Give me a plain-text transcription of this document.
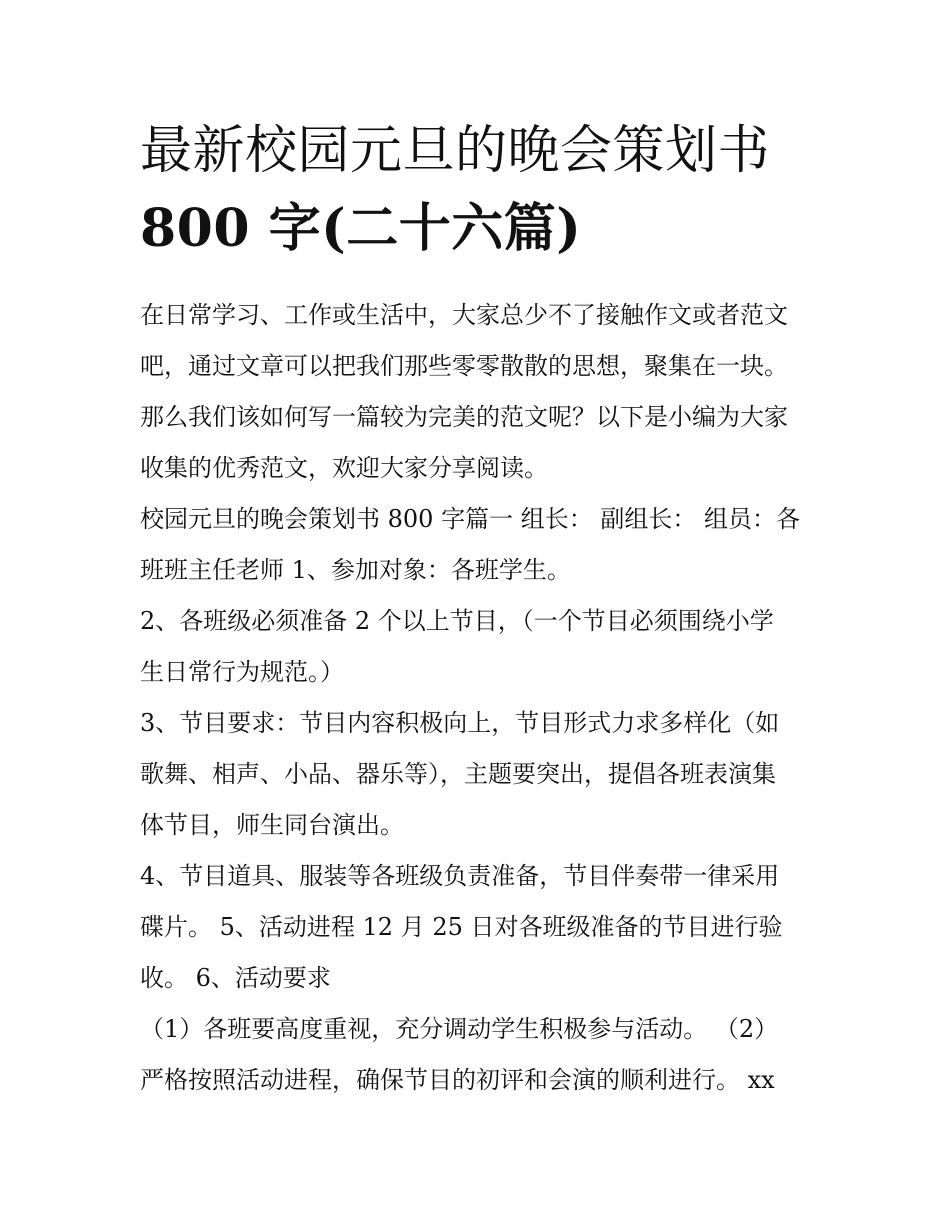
最新校园元旦的晚会策划书
800 字(二十六篇)
在日常学习、工作或生活中，大家总少不了接触作文或者范文
吧，通过文章可以把我们那些零零散散的思想，聚集在一块。
那么我们该如何写一篇较为完美的范文呢？以下是小编为大家
收集的优秀范文，欢迎大家分享阅读。
校园元旦的晚会策划书 800 字篇一 组长： 副组长： 组员：各
班班主任老师 1、参加对象：各班学生。
2、各班级必须准备 2 个以上节目，（一个节目必须围绕小学
生日常行为规范。）
3、节目要求：节目内容积极向上，节目形式力求多样化（如
歌舞、相声、小品、器乐等），主题要突出，提倡各班表演集
体节目，师生同台演出。
4、节目道具、服装等各班级负责准备，节目伴奏带一律采用
碟片。 5、活动进程 12 月 25 日对各班级准备的节目进行验
收。 6、活动要求
（1）各班要高度重视，充分调动学生积极参与活动。 （2）
严格按照活动进程，确保节目的初评和会演的顺利进行。 xx
